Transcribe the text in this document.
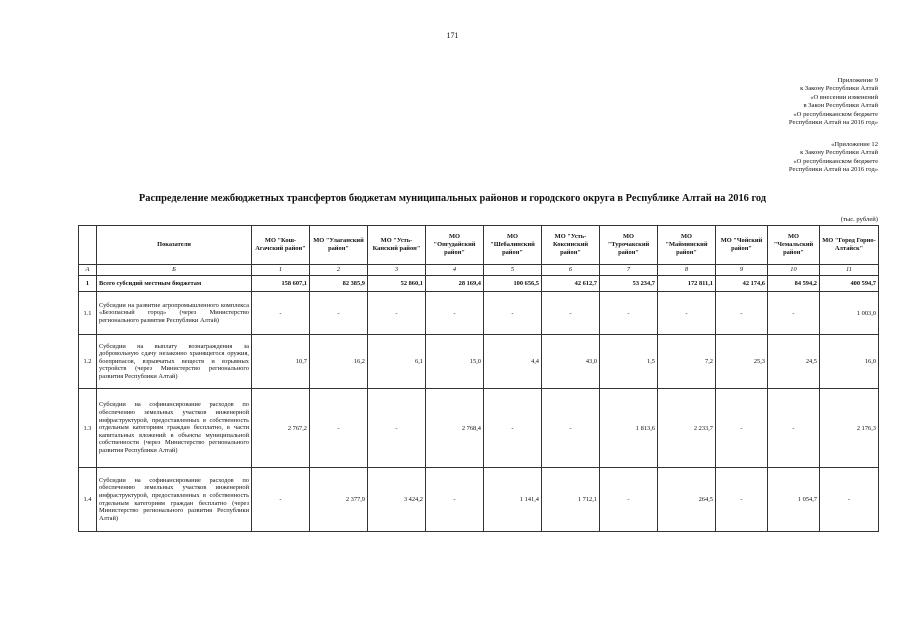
171
Приложение 9
к Закону Республики Алтай
«О внесении изменений
в Закон Республики Алтай
«О республиканском бюджете
Республики Алтай на 2016 год»
«Приложение 12
к Закону Республики Алтай
«О республиканском бюджете
Республики Алтай на 2016 год»
Распределение межбюджетных трансфертов бюджетам муниципальных районов и городского округа в Республике Алтай на 2016 год
(тыс. рублей)
	Показатели	МО "Кош-Агачский район"	МО "Улаганский район"	МО "Усть-Канский район"	МО "Онгудайский район"	МО "Шебалинский район"	МО "Усть-Коксинский район"	МО "Турочакский район"	МО "Майминский район"	МО "Чойский район"	МО "Чемальский район"	МО "Город Горно-Алтайск"
А	Б	1	2	3	4	5	6	7	8	9	10	11
1	Всего субсидий местным бюджетам	158 607,1	82 385,9	52 860,1	28 169,4	100 656,5	42 612,7	53 234,7	172 811,1	42 174,6	84 594,2	400 594,7
1.1	Субсидии на развитие агропромышленного комплекса «Безопасный город» (через Министерство регионального развития Республики Алтай)	-	-	-	-	-	-	-	-	-	-	1 003,0
1.2	Субсидии на выплату вознаграждения за добровольную сдачу незаконно хранящегося оружия, боеприпасов, взрывчатых веществ и взрывных устройств (через Министерство регионального развития Республики Алтай)	10,7	16,2	6,1	15,0	4,4	43,0	1,5	7,2	25,3	24,5	16,0
1.3	Субсидии на софинансирование расходов по обеспечению земельных участков инженерной инфраструктурой, предоставленных в собственность отдельным категориям граждан бесплатно, в части капитальных вложений в объекты муниципальной собственности (через Министерство регионального развития Республики Алтай)	2 767,2	-	-	2 768,4	-	-	1 813,6	2 233,7	-	-	2 176,3
1.4	Субсидии на софинансирование расходов по обеспечению земельных участков инженерной инфраструктурой, предоставленных в собственность отдельным категориям граждан бесплатно (через Министерство регионального развития Республики Алтай)	-	2 377,9	3 424,2	-	1 141,4	1 712,1	-	264,5	-	1 054,7	-
